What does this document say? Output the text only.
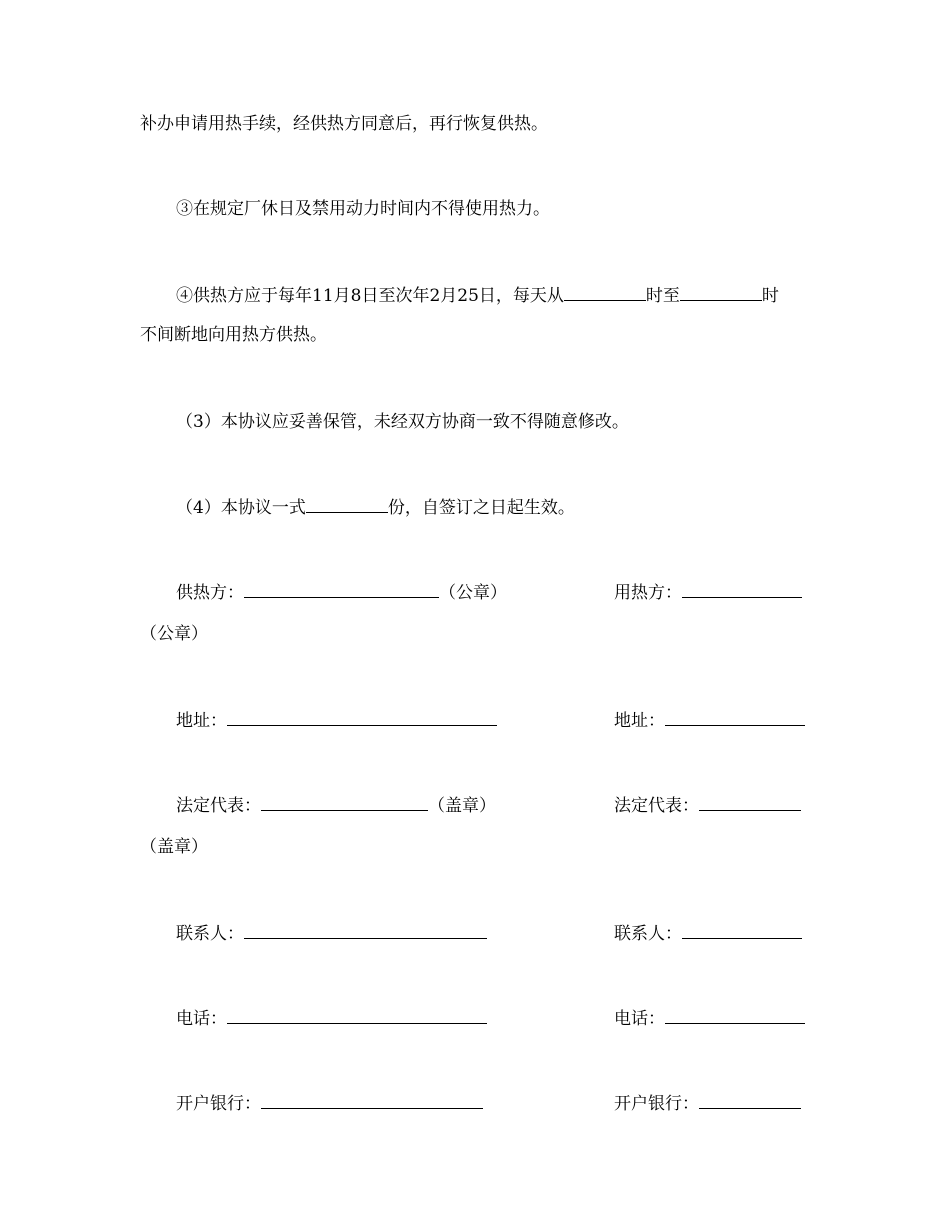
补办申请用热手续，经供热方同意后，再行恢复供热。
③在规定厂休日及禁用动力时间内不得使用热力。
④供热方应于每年11月8日至次年2月25日，每天从	时至	时
不间断地向用热方供热。
（3）本协议应妥善保管，未经双方协商一致不得随意修改。
（4）本协议一式	份，自签订之日起生效。
供热方：	（公章）	用热方：
（公章）
地址：	地址：
法定代表：	（盖章）	法定代表：
（盖章）
联系人：	联系人：
电话：	电话：
开户银行：	开户银行：
